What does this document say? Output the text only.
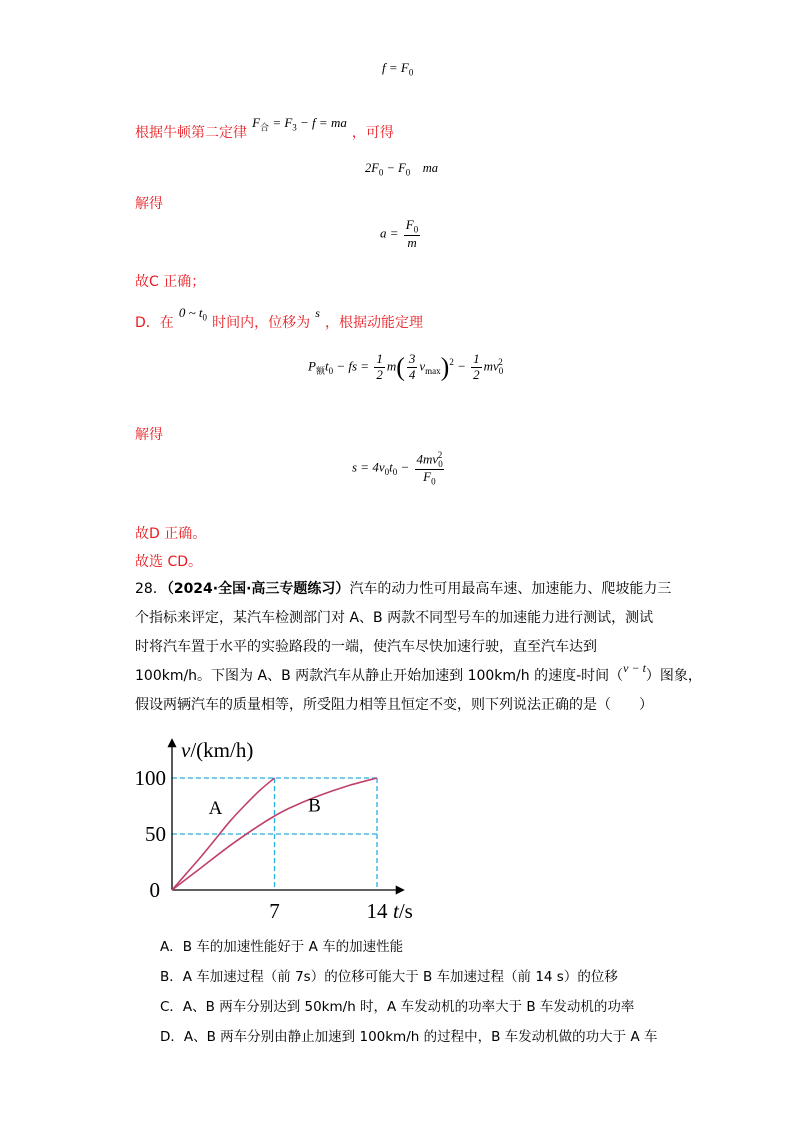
$f = F_0$
根据牛顿第二定律 $F_合 = F_3 - f$ = ma ，可得
$2F_0 - F_0$    ma
解得
$a = \frac{F_0}{m}$
故C 正确；
D．在 0 ~ $t_0$ 时间内，位移为 s ，根据动能定理
$P_额t_0$ − fs = $\frac{1}{2} m( \frac{3}{4} v_{max})^2 - \frac{1}{2} mv_0^2$
解得
$s = 4v_0t_0 - \frac{4mv_0^2}{F_0}$
故D 正确。
故选 CD。
28．（2024·全国·高三专题练习）汽车的动力性可用最高车速、加速能力、爬坡能力三
个指标来评定，某汽车检测部门对 A、B 两款不同型号车的加速能力进行测试，测试
时将汽车置于水平的实验路段的一端，使汽车尽快加速行驶，直至汽车达到
100km/h。下图为 A、B 两款汽车从静止开始加速到 100km/h 的速度-时间（v − t）图象，
假设两辆汽车的质量相等，所受阻力相等且恒定不变，则下列说法正确的是（　　）
A	B
50
100
0
7	14
v/(km/h)
t/s
A．B 车的加速性能好于 A 车的加速性能
B．A 车加速过程（前 7s）的位移可能大于 B 车加速过程（前 14 s）的位移
C．A、B 两车分别达到 50km/h 时，A 车发动机的功率大于 B 车发动机的功率
D．A、B 两车分别由静止加速到 100km/h 的过程中，B 车发动机做的功大于 A 车
